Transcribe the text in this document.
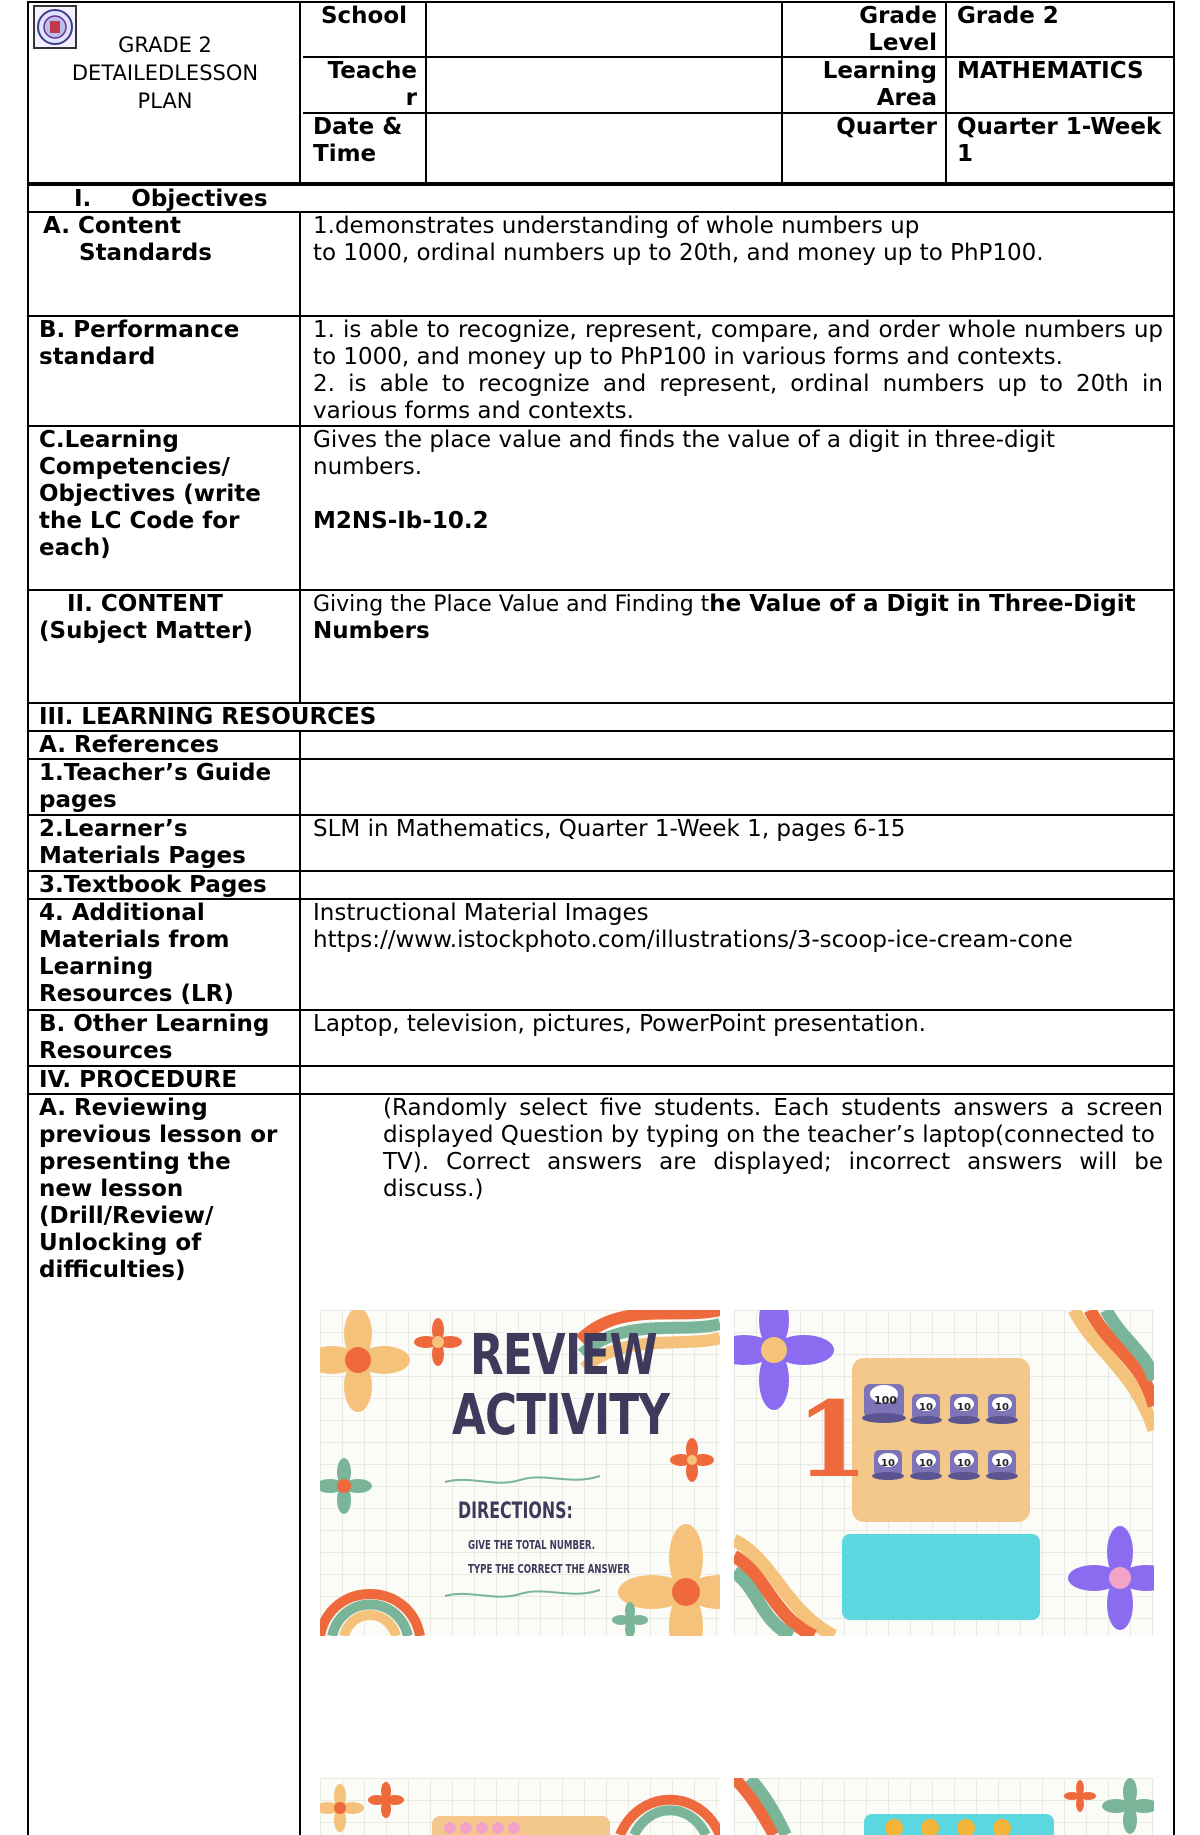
GRADE 2
DETAILEDLESSON
PLAN
School	Grade
Level
Grade 2
Teache
r
Learning
Area
MATHEMATICS
Date &
Time
Quarter Quarter 1-Week
1
I. Objectives
A. Content
Standards
1.demonstrates understanding of whole numbers up
to 1000, ordinal numbers up to 20th, and money up to PhP100.
B. Performance
standard
1. is able to recognize, represent, compare, and order whole numbers up to 1000, and money up to PhP100 in various forms and contexts.
2. is able to recognize and represent, ordinal numbers up to 20th in various forms and contexts.
C.Learning
Competencies/
Objectives (write
the LC Code for
each)
Gives the place value and finds the value of a digit in three-digit numbers.
M2NS-Ib-10.2
II. CONTENT
(Subject Matter)
Giving the Place Value and Finding the Value of a Digit in Three-Digit Numbers
III. LEARNING RESOURCES
A. References
1.Teacher’s Guide
pages
2.Learner’s
Materials Pages
SLM in Mathematics, Quarter 1-Week 1, pages 6-15
3.Textbook Pages
4. Additional
Materials from
Learning
Resources (LR)
Instructional Material Images
https://www.istockphoto.com/illustrations/3-scoop-ice-cream-cone
B. Other Learning
Resources
Laptop, television, pictures, PowerPoint presentation.
IV. PROCEDURE
A. Reviewing
previous lesson or
presenting the
new lesson
(Drill/Review/
Unlocking of
difficulties)
(Randomly select five students. Each students answers a screen displayed Question by typing on the teacher’s laptop(connected to
TV). Correct answers are displayed; incorrect answers will be discuss.)
REVIEW
ACTIVITY
DIRECTIONS:
GIVE THE TOTAL NUMBER.
TYPE THE CORRECT THE ANSWER
1 100
10 10 10
10 10 10 10
